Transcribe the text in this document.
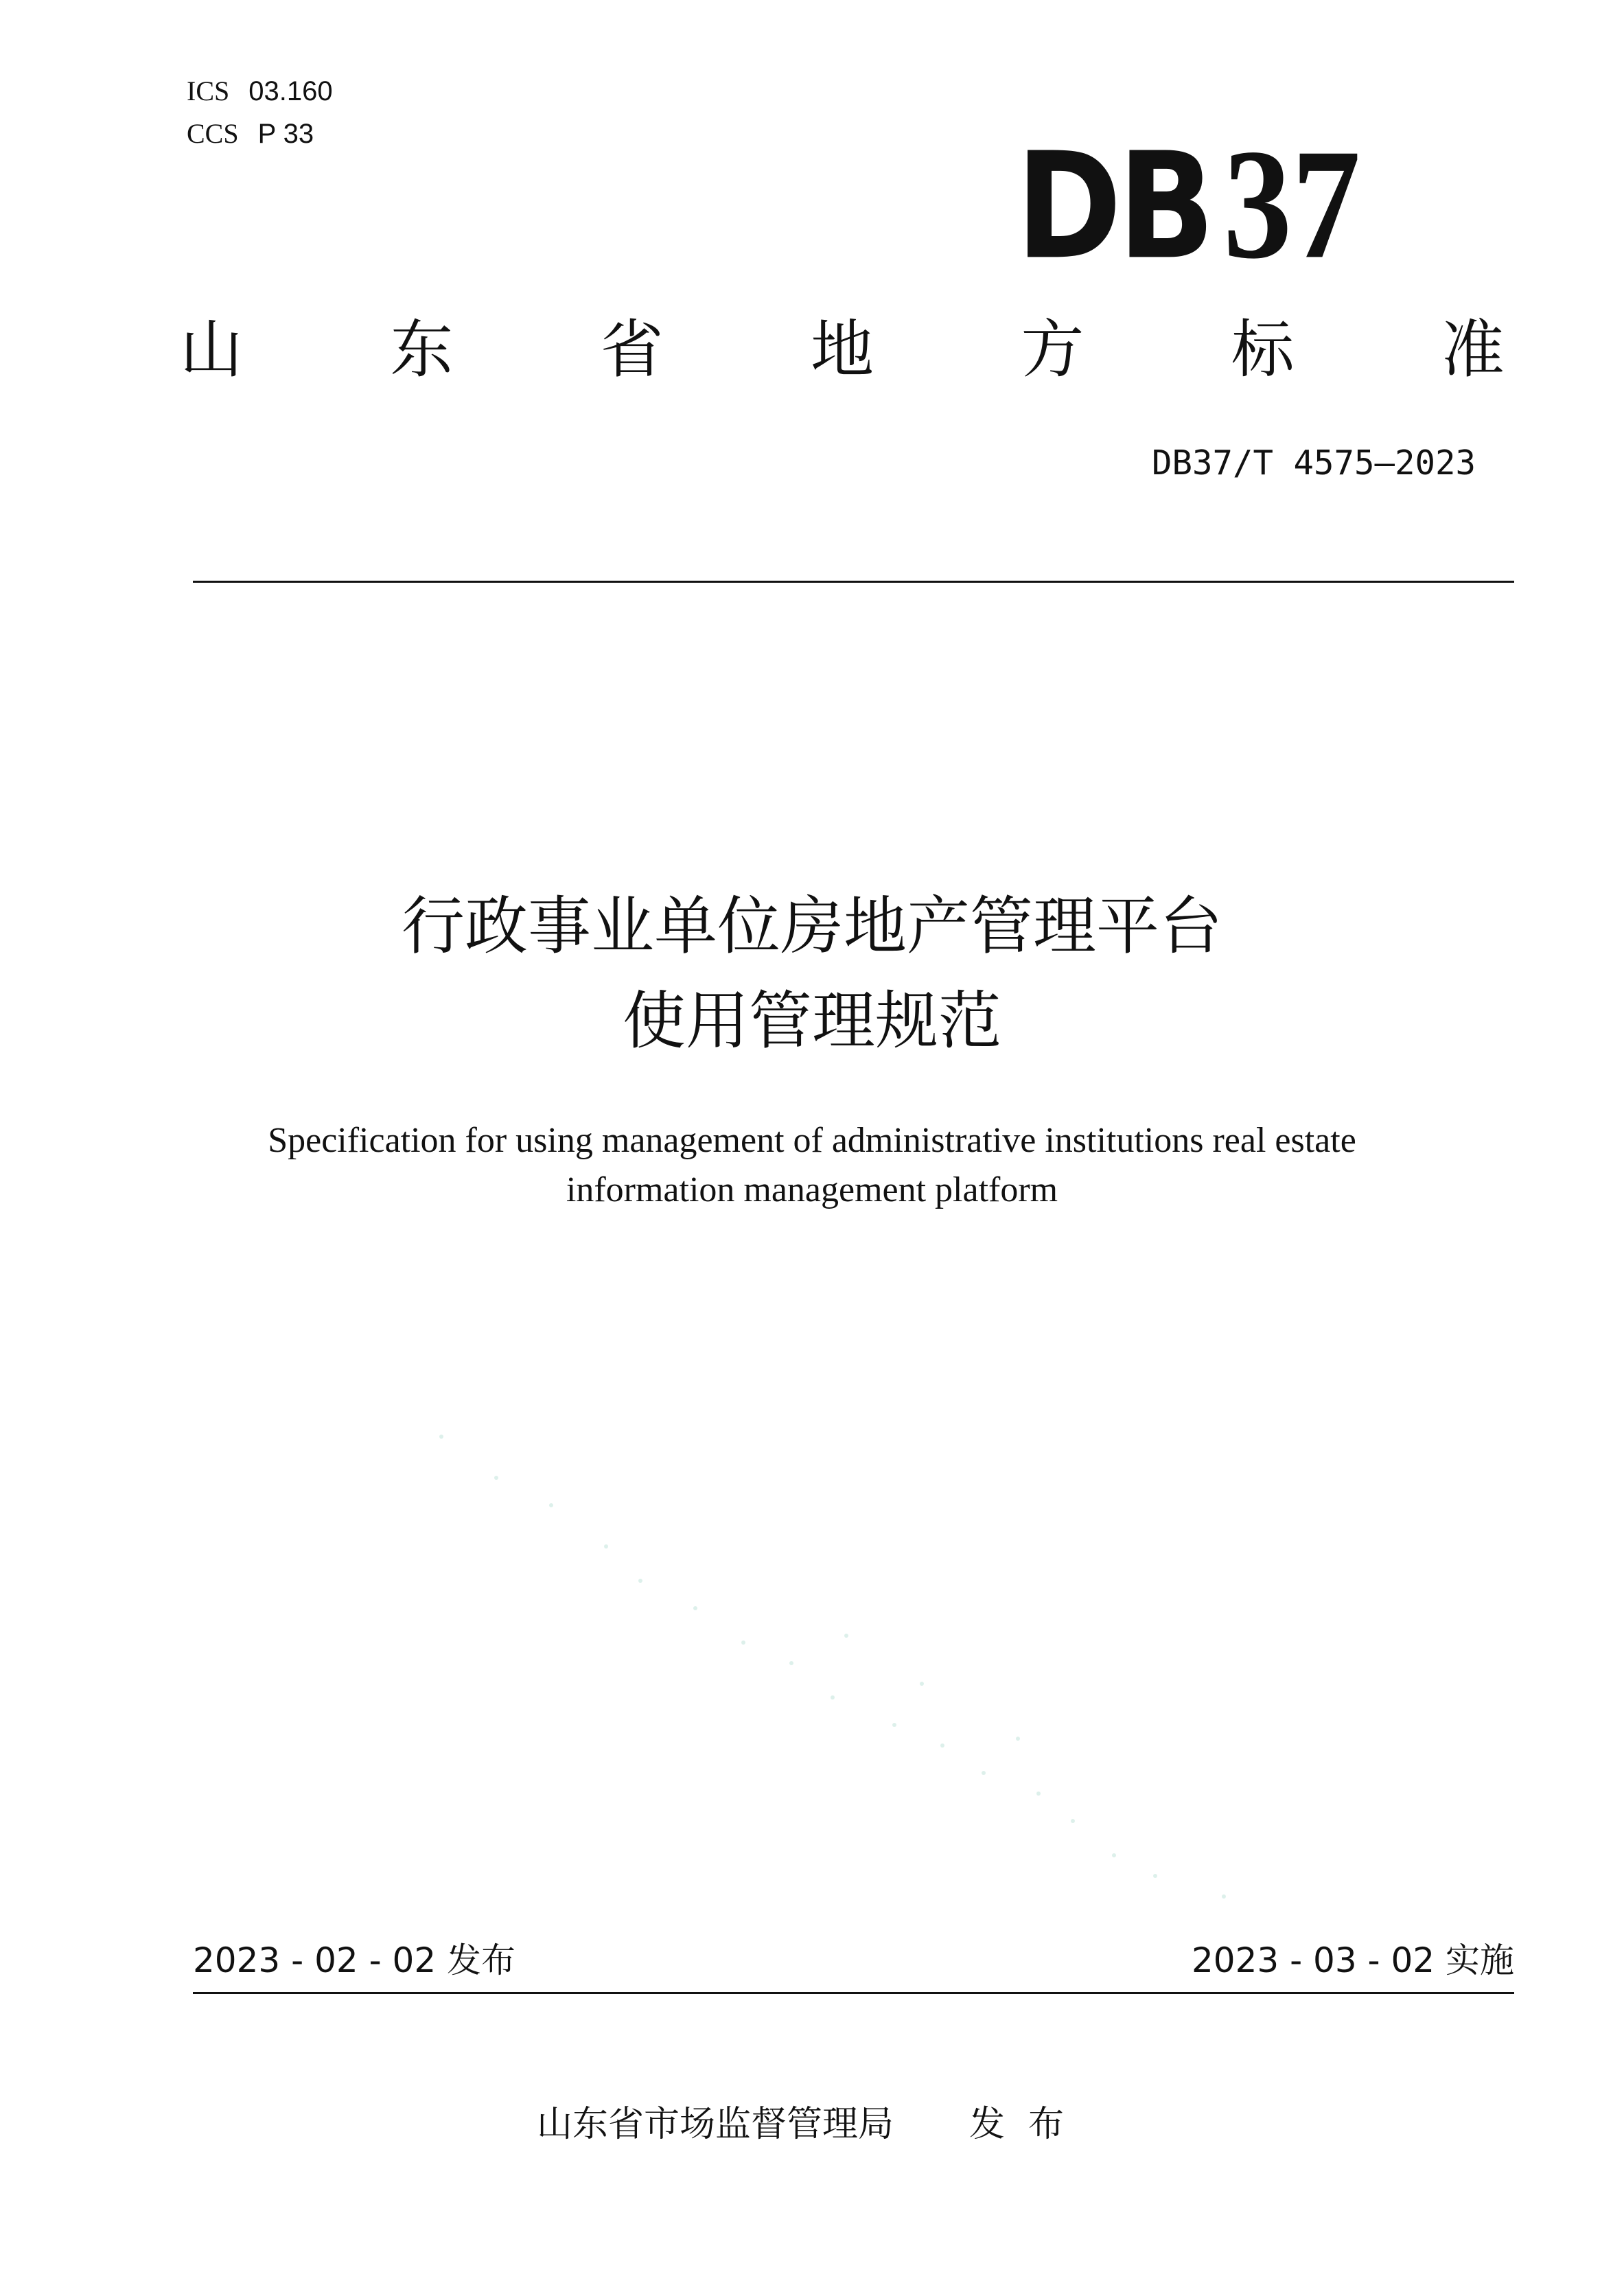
ICS 03.160
CCS P 33	DB37
山 东 省 地 方 标 准
DB37/T 4575—2023
行政事业单位房地产管理平台
使用管理规范
Specification for using management of administrative institutions real estate
information management platform
2023 - 02 - 02 发布	2023 - 03 - 02 实施
山东省市场监督管理局 发布
